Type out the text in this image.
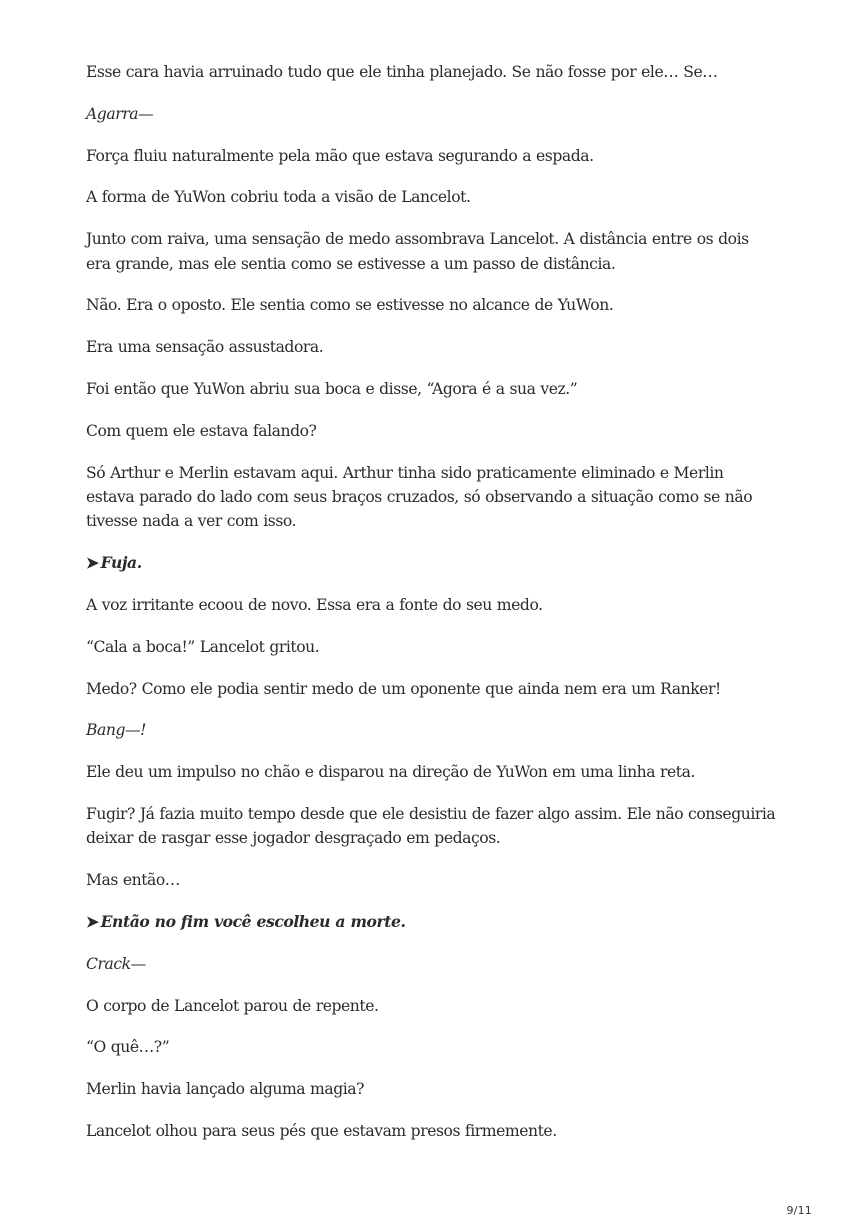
Esse cara havia arruinado tudo que ele tinha planejado. Se não fosse por ele… Se…

Agarra—

Força fluiu naturalmente pela mão que estava segurando a espada.

A forma de YuWon cobriu toda a visão de Lancelot.

Junto com raiva, uma sensação de medo assombrava Lancelot. A distância entre os dois era grande, mas ele sentia como se estivesse a um passo de distância.

Não. Era o oposto. Ele sentia como se estivesse no alcance de YuWon.

Era uma sensação assustadora.

Foi então que YuWon abriu sua boca e disse, “Agora é a sua vez.”

Com quem ele estava falando?

Só Arthur e Merlin estavam aqui. Arthur tinha sido praticamente eliminado e Merlin estava parado do lado com seus braços cruzados, só observando a situação como se não tivesse nada a ver com isso.

➤ Fuja.

A voz irritante ecoou de novo. Essa era a fonte do seu medo.

“Cala a boca!” Lancelot gritou.

Medo? Como ele podia sentir medo de um oponente que ainda nem era um Ranker!

Bang—!

Ele deu um impulso no chão e disparou na direção de YuWon em uma linha reta.

Fugir? Já fazia muito tempo desde que ele desistiu de fazer algo assim. Ele não conseguiria deixar de rasgar esse jogador desgraçado em pedaços.

Mas então…

➤ Então no fim você escolheu a morte.

Crack—

O corpo de Lancelot parou de repente.

“O quê…?”

Merlin havia lançado alguma magia?

Lancelot olhou para seus pés que estavam presos firmemente.

9/11
